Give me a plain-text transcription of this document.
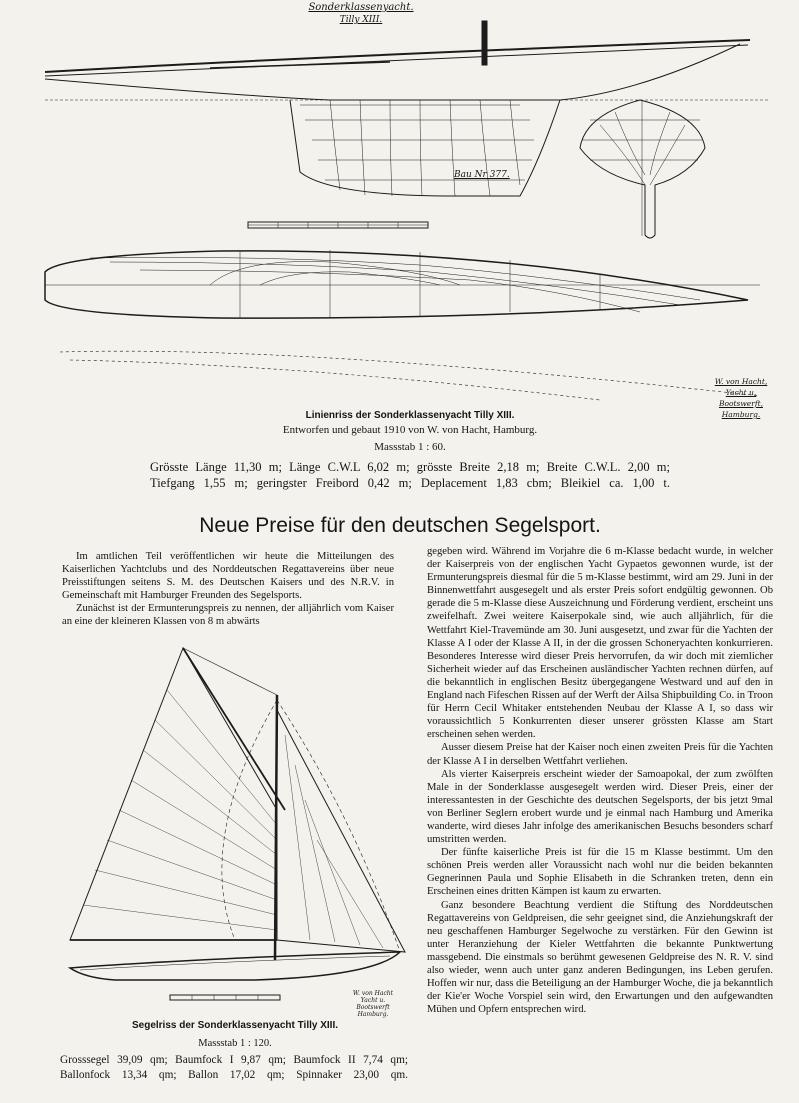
Sonderklassenyacht.
Tilly XIII.
Bau Nr 377.
W. von Hacht,
Yacht u. Bootswerft,
Hamburg.
Linienriss der Sonderklassenyacht Tilly XIII.
Entworfen und gebaut 1910 von W. von Hacht, Hamburg.
Massstab 1 : 60.
Grösste Länge 11,30 m; Länge C.W.L 6,02 m; grösste Breite 2,18 m; Breite C.W.L. 2,00 m;
Tiefgang 1,55 m; geringster Freibord 0,42 m; Deplacement 1,83 cbm; Bleikiel ca. 1,00 t.
Neue Preise für den deutschen Segelsport.

Im amtlichen Teil veröffentlichen wir heute die Mitteilungen des Kaiserlichen Yachtclubs und des Norddeutschen Regattavereins über neue Preisstiftungen seitens S. M. des Deutschen Kaisers und des N.R.V. in Gemeinschaft mit Hamburger Freunden des Segelsports.

Zunächst ist der Ermunterungspreis zu nennen, der alljährlich vom Kaiser an eine der kleineren Klassen von 8 m abwärts

gegeben wird. Während im Vorjahre die 6 m-Klasse bedacht wurde, in welcher der Kaiserpreis von der englischen Yacht Gypaetos gewonnen wurde, ist der Ermunterungspreis diesmal für die 5 m-Klasse bestimmt, wird am 29. Juni in der Binnenwettfahrt ausgesegelt und als erster Preis sofort endgültig gewonnen. Ob gerade die 5 m-Klasse diese Auszeichnung und Förderung verdient, erscheint uns zweifelhaft. Zwei weitere Kaiserpokale sind, wie auch alljährlich, für die Wettfahrt Kiel-Travemünde am 30. Juni ausgesetzt, und zwar für die Yachten der Klasse A I oder der Klasse A II, in der die grossen Schoneryachten konkurrieren. Besonderes Interesse wird dieser Preis hervorrufen, da wir doch mit ziemlicher Sicherheit wieder auf das Erscheinen ausländischer Yachten rechnen dürfen, auf die bekanntlich in englischen Besitz übergegangene Westward und auf den in England nach Fifeschen Rissen auf der Werft der Ailsa Shipbuilding Co. in Troon für Herrn Cecil Whitaker entstehenden Neubau der Klasse A I, so dass wir voraussichtlich 5 Konkurrenten dieser unserer grössten Klasse am Start erscheinen sehen werden.

Ausser diesem Preise hat der Kaiser noch einen zweiten Preis für die Yachten der Klasse A I in derselben Wettfahrt verliehen.

Als vierter Kaiserpreis erscheint wieder der Samoapokal, der zum zwölften Male in der Sonderklasse ausgesegelt werden wird. Dieser Preis, einer der interessantesten in der Geschichte des deutschen Segelsports, der bis jetzt 9mal von Berliner Seglern erobert wurde und je einmal nach Hamburg und Amerika wanderte, wird dieses Jahr infolge des amerikanischen Besuchs besonders scharf umstritten werden.

Der fünfte kaiserliche Preis ist für die 15 m Klasse bestimmt. Um den schönen Preis werden aller Voraussicht nach wohl nur die beiden bekannten Gegnerinnen Paula und Sophie Elisabeth in die Schranken treten, denn ein Erscheinen eines dritten Kämpen ist kaum zu erwarten.

Ganz besondere Beachtung verdient die Stiftung des Norddeutschen Regattavereins von Geldpreisen, die sehr geeignet sind, die Anziehungskraft der neu geschaffenen Hamburger Segelwoche zu verstärken. Für den Gewinn ist unter Heranziehung der Kieler Wettfahrten die bekannte Punktwertung massgebend. Die einstmals so berühmt gewesenen Geldpreise des N. R. V. sind also wieder, wenn auch unter ganz anderen Bedingungen, ins Leben gerufen. Hoffen wir nur, dass die Beteiligung an der Hamburger Woche, die ja bekanntlich der Kie'er Woche Vorspiel sein wird, den Erwartungen und den aufgewandten Mühen und Opfern entsprechen wird.

W. von Hacht
Yacht u. Bootswerft
Hamburg.
Segelriss der Sonderklassenyacht Tilly XIII.
Massstab 1 : 120.
Grosssegel 39,09 qm; Baumfock I 9,87 qm; Baumfock II 7,74 qm;
Ballonfock 13,34 qm; Ballon 17,02 qm; Spinnaker 23,00 qm.
